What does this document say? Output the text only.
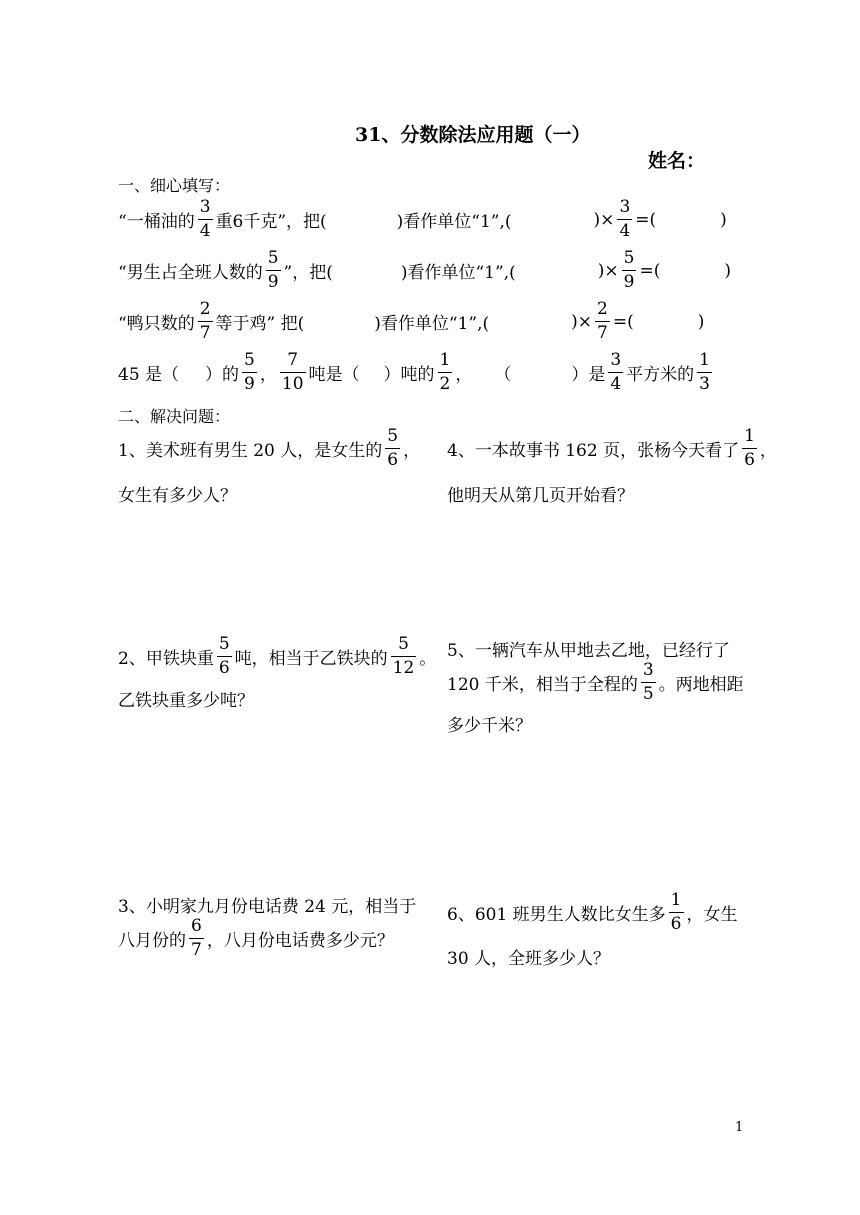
31、分数除法应用题（一）
姓名：
一、细心填写：
“一桶油的 $\frac{3}{4}$ 重6千克”，把(	)看作单位“1”,(	)× $\frac{3}{4}$ =(	)
“男生占全班人数的 $\frac{5}{9}$ ”，把(	)看作单位“1”,(	)× $\frac{5}{9}$ =(	)
“鸭只数的 $\frac{2}{7}$ 等于鸡” 把(	)看作单位“1”,(	)× $\frac{2}{7}$ =(	)
45 是（ ）的 $\frac{5}{9}$ ， $\frac{7}{10}$ 吨是（ ）吨的 $\frac{1}{2}$ ， （	）是 $\frac{3}{4}$ 平方米的 $\frac{1}{3}$
二、解决问题：
1、美术班有男生 20 人，是女生的 $\frac{5}{6}$ ，
女生有多少人？
4、一本故事书 162 页，张杨今天看了 $\frac{1}{6}$ ，
他明天从第几页开始看？
2、甲铁块重 $\frac{5}{6}$ 吨，相当于乙铁块的 $\frac{5}{12}$ 。
乙铁块重多少吨？
5、一辆汽车从甲地去乙地，已经行了
120 千米，相当于全程的 $\frac{3}{5}$ 。两地相距
多少千米？
3、小明家九月份电话费 24 元，相当于
八月份的 $\frac{6}{7}$ ，八月份电话费多少元？
6、601 班男生人数比女生多 $\frac{1}{6}$ ，女生
30 人，全班多少人？
1
